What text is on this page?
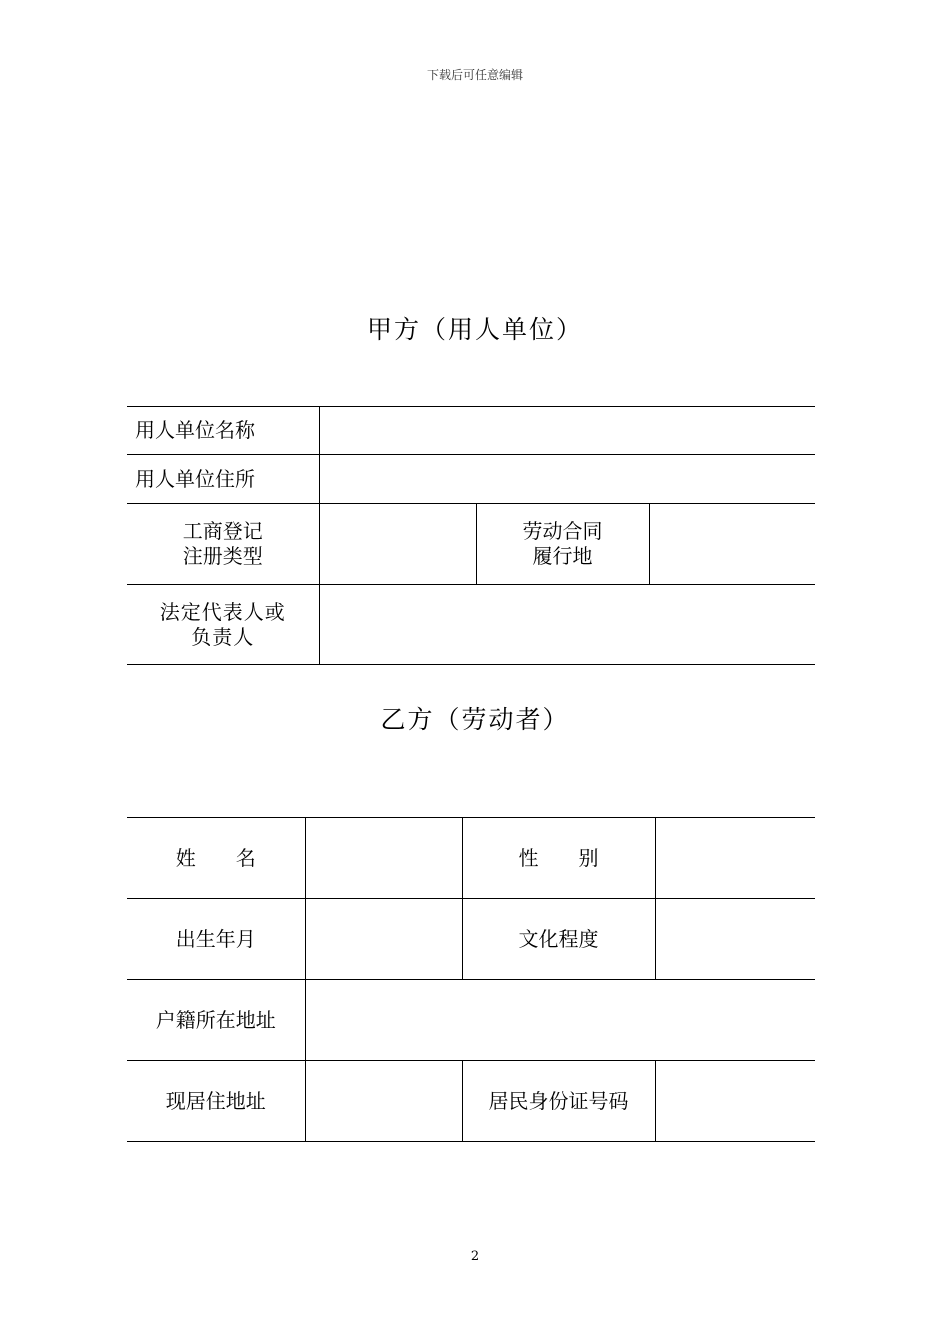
下载后可任意编辑
甲方（用人单位）
用人单位名称			
用人单位住所			
工商登记
注册类型		劳动合同
履行地	
法定代表人或
负责人			
乙方（劳动者）
姓　　名		性　　别	
出生年月		文化程度	
户籍所在地址			
现居住地址		居民身份证号码	
2
